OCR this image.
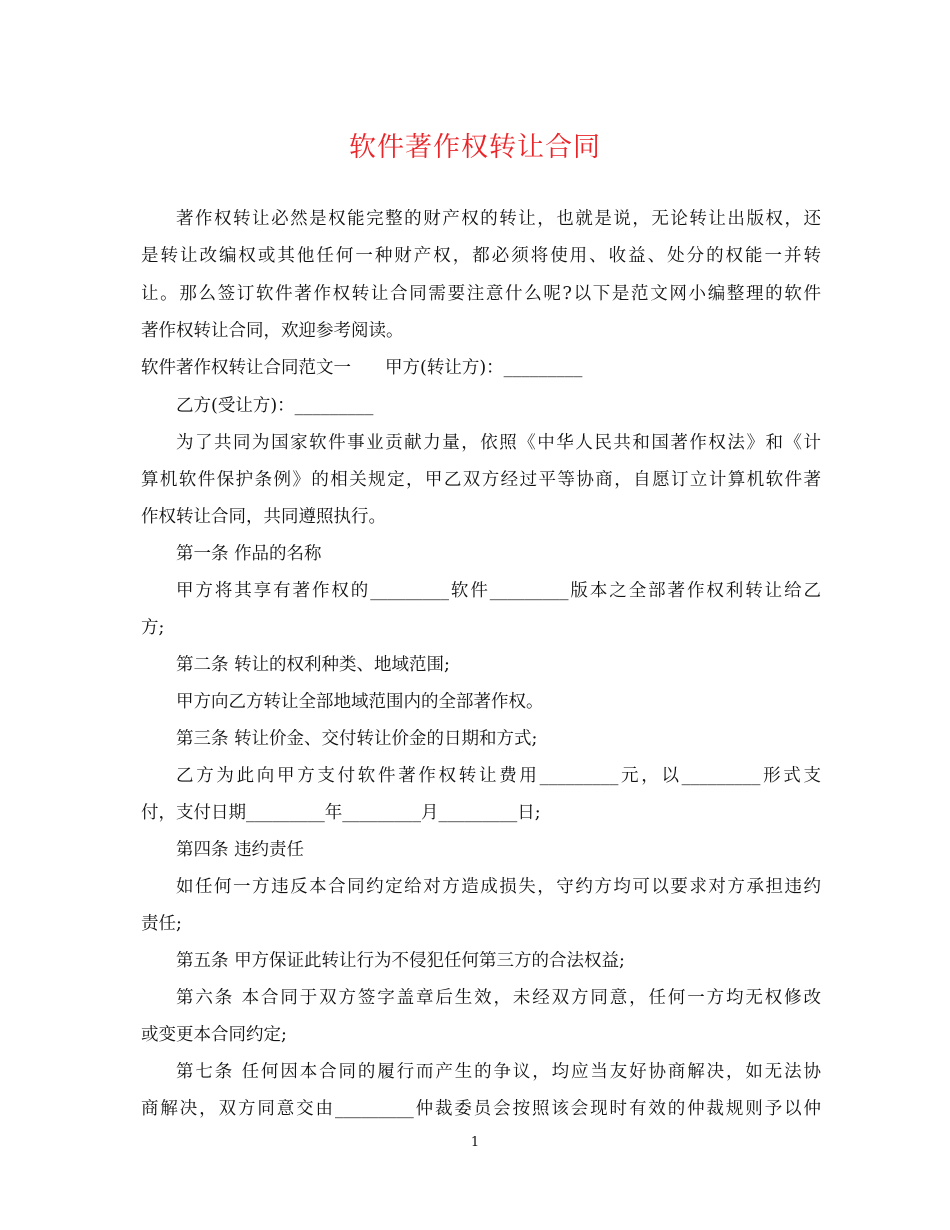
软件著作权转让合同
著作权转让必然是权能完整的财产权的转让，也就是说，无论转让出版权，还
是转让改编权或其他任何一种财产权，都必须将使用、收益、处分的权能一并转
让。那么签订软件著作权转让合同需要注意什么呢?以下是范文网小编整理的软件
著作权转让合同，欢迎参考阅读。
软件著作权转让合同范文一 甲方(转让方)：_________
乙方(受让方)：_________
为了共同为国家软件事业贡献力量，依照《中华人民共和国著作权法》和《计
算机软件保护条例》的相关规定，甲乙双方经过平等协商，自愿订立计算机软件著
作权转让合同，共同遵照执行。
第一条 作品的名称
甲方将其享有著作权的_________软件_________版本之全部著作权利转让给乙
方;
第二条 转让的权利种类、地域范围;
甲方向乙方转让全部地域范围内的全部著作权。
第三条 转让价金、交付转让价金的日期和方式;
乙方为此向甲方支付软件著作权转让费用_________元，以_________形式支
付，支付日期_________年_________月_________日;
第四条 违约责任
如任何一方违反本合同约定给对方造成损失，守约方均可以要求对方承担违约
责任;
第五条 甲方保证此转让行为不侵犯任何第三方的合法权益;
第六条 本合同于双方签字盖章后生效，未经双方同意，任何一方均无权修改
或变更本合同约定;
第七条 任何因本合同的履行而产生的争议，均应当友好协商解决，如无法协
商解决，双方同意交由_________仲裁委员会按照该会现时有效的仲裁规则予以仲
1
